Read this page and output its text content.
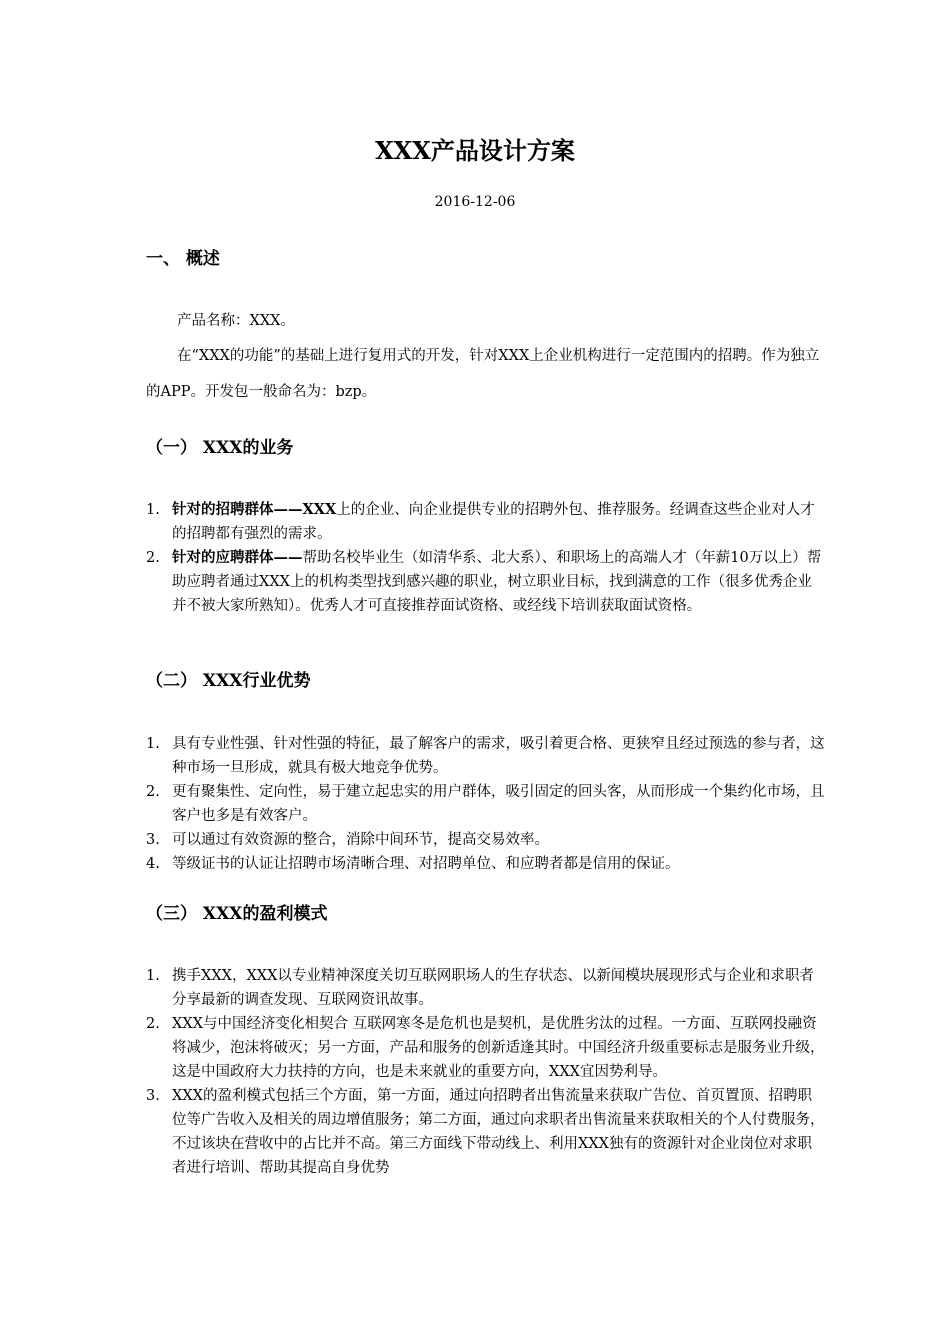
XXX产品设计方案
2016-12-06
一、 概述
产品名称：XXX。
在“XXX的功能”的基础上进行复用式的开发，针对XXX上企业机构进行一定范围内的招聘。作为独立的APP。开发包一般命名为：bzp。
（一） XXX的业务
1. 针对的招聘群体——XXX上的企业、向企业提供专业的招聘外包、推荐服务。经调查这些企业对人才的招聘都有强烈的需求。
2. 针对的应聘群体——帮助名校毕业生（如清华系、北大系）、和职场上的高端人才（年薪10万以上）帮助应聘者通过XXX上的机构类型找到感兴趣的职业，树立职业目标，找到满意的工作（很多优秀企业并不被大家所熟知）。优秀人才可直接推荐面试资格、或经线下培训获取面试资格。
（二） XXX行业优势
1. 具有专业性强、针对性强的特征，最了解客户的需求，吸引着更合格、更狭窄且经过预选的参与者，这种市场一旦形成，就具有极大地竞争优势。
2. 更有聚集性、定向性，易于建立起忠实的用户群体，吸引固定的回头客，从而形成一个集约化市场，且客户也多是有效客户。
3. 可以通过有效资源的整合，消除中间环节，提高交易效率。
4. 等级证书的认证让招聘市场清晰合理、对招聘单位、和应聘者都是信用的保证。
（三） XXX的盈利模式
1. 携手XXX，XXX以专业精神深度关切互联网职场人的生存状态、以新闻模块展现形式与企业和求职者分享最新的调查发现、互联网资讯故事。
2. XXX与中国经济变化相契合 互联网寒冬是危机也是契机，是优胜劣汰的过程。一方面、互联网投融资将减少，泡沫将破灭；另一方面，产品和服务的创新适逢其时。中国经济升级重要标志是服务业升级，这是中国政府大力扶持的方向，也是未来就业的重要方向，XXX宜因势利导。
3. XXX的盈利模式包括三个方面，第一方面，通过向招聘者出售流量来获取广告位、首页置顶、招聘职位等广告收入及相关的周边增值服务；第二方面，通过向求职者出售流量来获取相关的个人付费服务，不过该块在营收中的占比并不高。第三方面线下带动线上、利用XXX独有的资源针对企业岗位对求职者进行培训、帮助其提高自身优势
